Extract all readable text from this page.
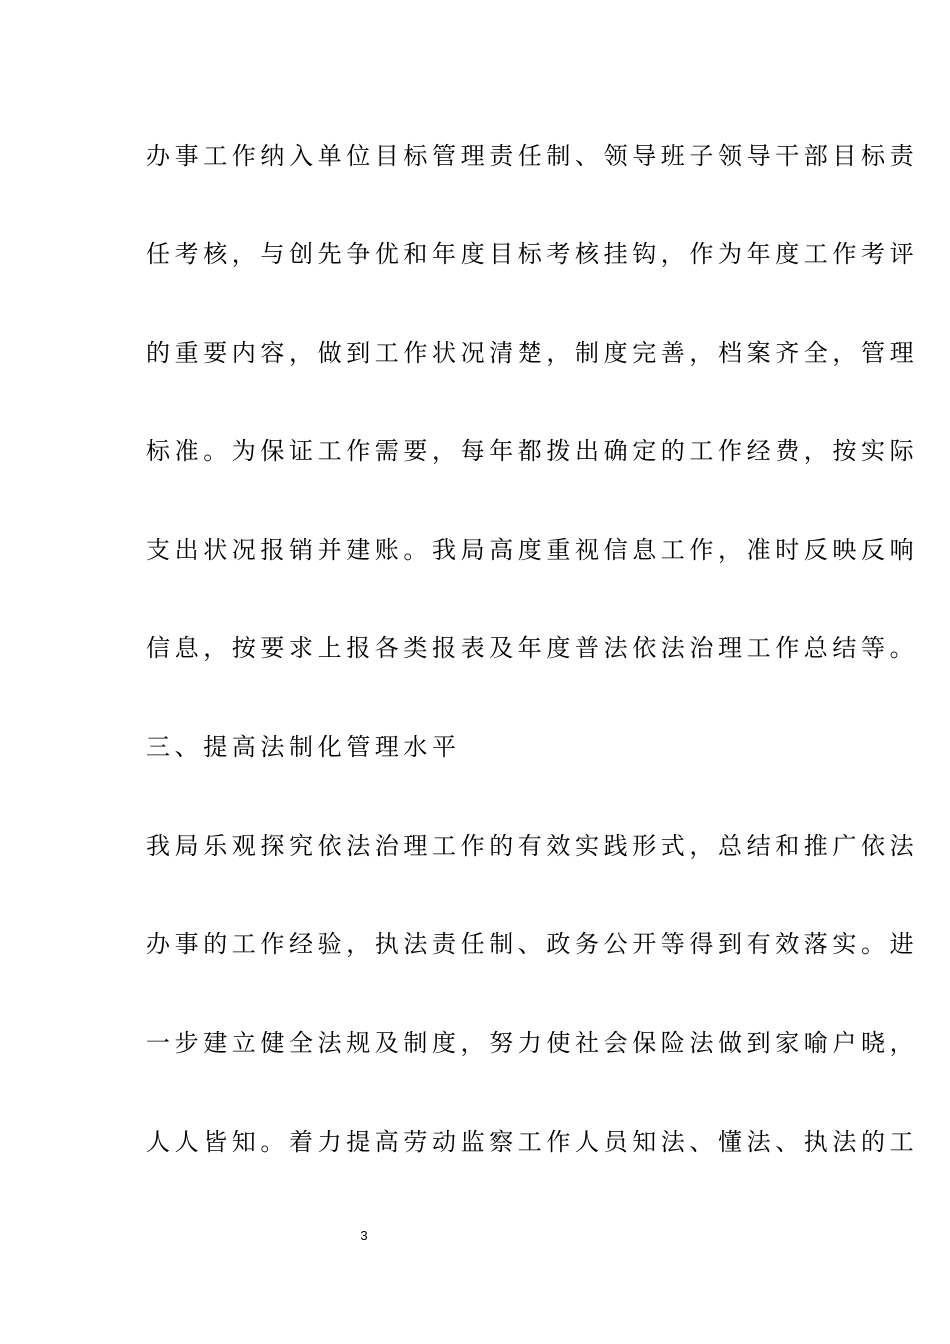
办事工作纳入单位目标管理责任制、领导班子领导干部目标责
任考核，与创先争优和年度目标考核挂钩，作为年度工作考评
的重要内容，做到工作状况清楚，制度完善，档案齐全，管理
标准。为保证工作需要，每年都拨出确定的工作经费，按实际
支出状况报销并建账。我局高度重视信息工作，准时反映反响
信息，按要求上报各类报表及年度普法依法治理工作总结等。
三、提高法制化管理水平
我局乐观探究依法治理工作的有效实践形式，总结和推广依法
办事的工作经验，执法责任制、政务公开等得到有效落实。进
一步建立健全法规及制度，努力使社会保险法做到家喻户晓，
人人皆知。着力提高劳动监察工作人员知法、懂法、执法的工
3
